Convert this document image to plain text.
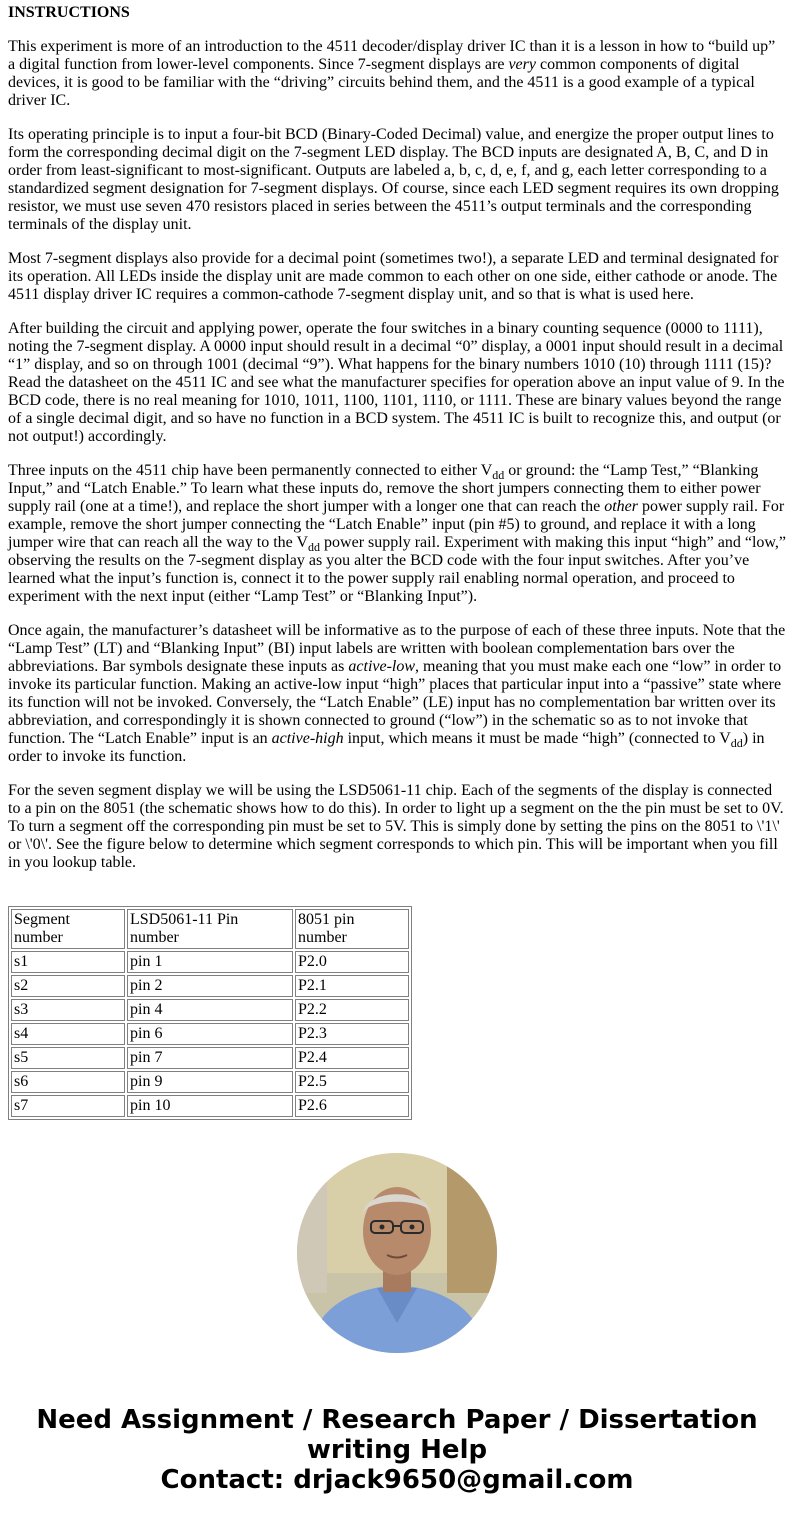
INSTRUCTIONS

This experiment is more of an introduction to the 4511 decoder/display driver IC than it is a lesson in how to “build up” a digital function from lower-level components. Since 7-segment displays are very common components of digital devices, it is good to be familiar with the “driving” circuits behind them, and the 4511 is a good example of a typical driver IC.

Its operating principle is to input a four-bit BCD (Binary-Coded Decimal) value, and energize the proper output lines to form the corresponding decimal digit on the 7-segment LED display. The BCD inputs are designated A, B, C, and D in order from least-significant to most-significant. Outputs are labeled a, b, c, d, e, f, and g, each letter corresponding to a standardized segment designation for 7-segment displays. Of course, since each LED segment requires its own dropping resistor, we must use seven 470 resistors placed in series between the 4511’s output terminals and the corresponding terminals of the display unit.

Most 7-segment displays also provide for a decimal point (sometimes two!), a separate LED and terminal designated for its operation. All LEDs inside the display unit are made common to each other on one side, either cathode or anode. The 4511 display driver IC requires a common-cathode 7-segment display unit, and so that is what is used here.

After building the circuit and applying power, operate the four switches in a binary counting sequence (0000 to 1111), noting the 7-segment display. A 0000 input should result in a decimal “0” display, a 0001 input should result in a decimal “1” display, and so on through 1001 (decimal “9”). What happens for the binary numbers 1010 (10) through 1111 (15)? Read the datasheet on the 4511 IC and see what the manufacturer specifies for operation above an input value of 9. In the BCD code, there is no real meaning for 1010, 1011, 1100, 1101, 1110, or 1111. These are binary values beyond the range of a single decimal digit, and so have no function in a BCD system. The 4511 IC is built to recognize this, and output (or not output!) accordingly.

Three inputs on the 4511 chip have been permanently connected to either $V_{dd}$ or ground: the “Lamp Test,” “Blanking Input,” and “Latch Enable.” To learn what these inputs do, remove the short jumpers connecting them to either power supply rail (one at a time!), and replace the short jumper with a longer one that can reach the other power supply rail. For example, remove the short jumper connecting the “Latch Enable” input (pin #5) to ground, and replace it with a long jumper wire that can reach all the way to the $V_{dd}$ power supply rail. Experiment with making this input “high” and “low,” observing the results on the 7-segment display as you alter the BCD code with the four input switches. After you’ve learned what the input’s function is, connect it to the power supply rail enabling normal operation, and proceed to experiment with the next input (either “Lamp Test” or “Blanking Input”).

Once again, the manufacturer’s datasheet will be informative as to the purpose of each of these three inputs. Note that the “Lamp Test” (LT) and “Blanking Input” (BI) input labels are written with boolean complementation bars over the abbreviations. Bar symbols designate these inputs as active-low, meaning that you must make each one “low” in order to invoke its particular function. Making an active-low input “high” places that particular input into a “passive” state where its function will not be invoked. Conversely, the “Latch Enable” (LE) input has no complementation bar written over its abbreviation, and correspondingly it is shown connected to ground (“low”) in the schematic so as to not invoke that function. The “Latch Enable” input is an active-high input, which means it must be made “high” (connected to $V_{dd}$) in order to invoke its function.

For the seven segment display we will be using the LSD5061-11 chip. Each of the segments of the display is connected to a pin on the 8051 (the schematic shows how to do this). In order to light up a segment on the the pin must be set to 0V. To turn a segment off the corresponding pin must be set to 5V. This is simply done by setting the pins on the 8051 to \'1\' or \'0\'. See the figure below to determine which segment corresponds to which pin. This will be important when you fill in you lookup table.

Segment number	LSD5061-11 Pin number	8051 pin number
s1	pin 1	P2.0
s2	pin 2	P2.1
s3	pin 4	P2.2
s4	pin 6	P2.3
s5	pin 7	P2.4
s6	pin 9	P2.5
s7	pin 10	P2.6
Need Assignment / Research Paper / Dissertation
writing Help
Contact: drjack9650@gmail.com
